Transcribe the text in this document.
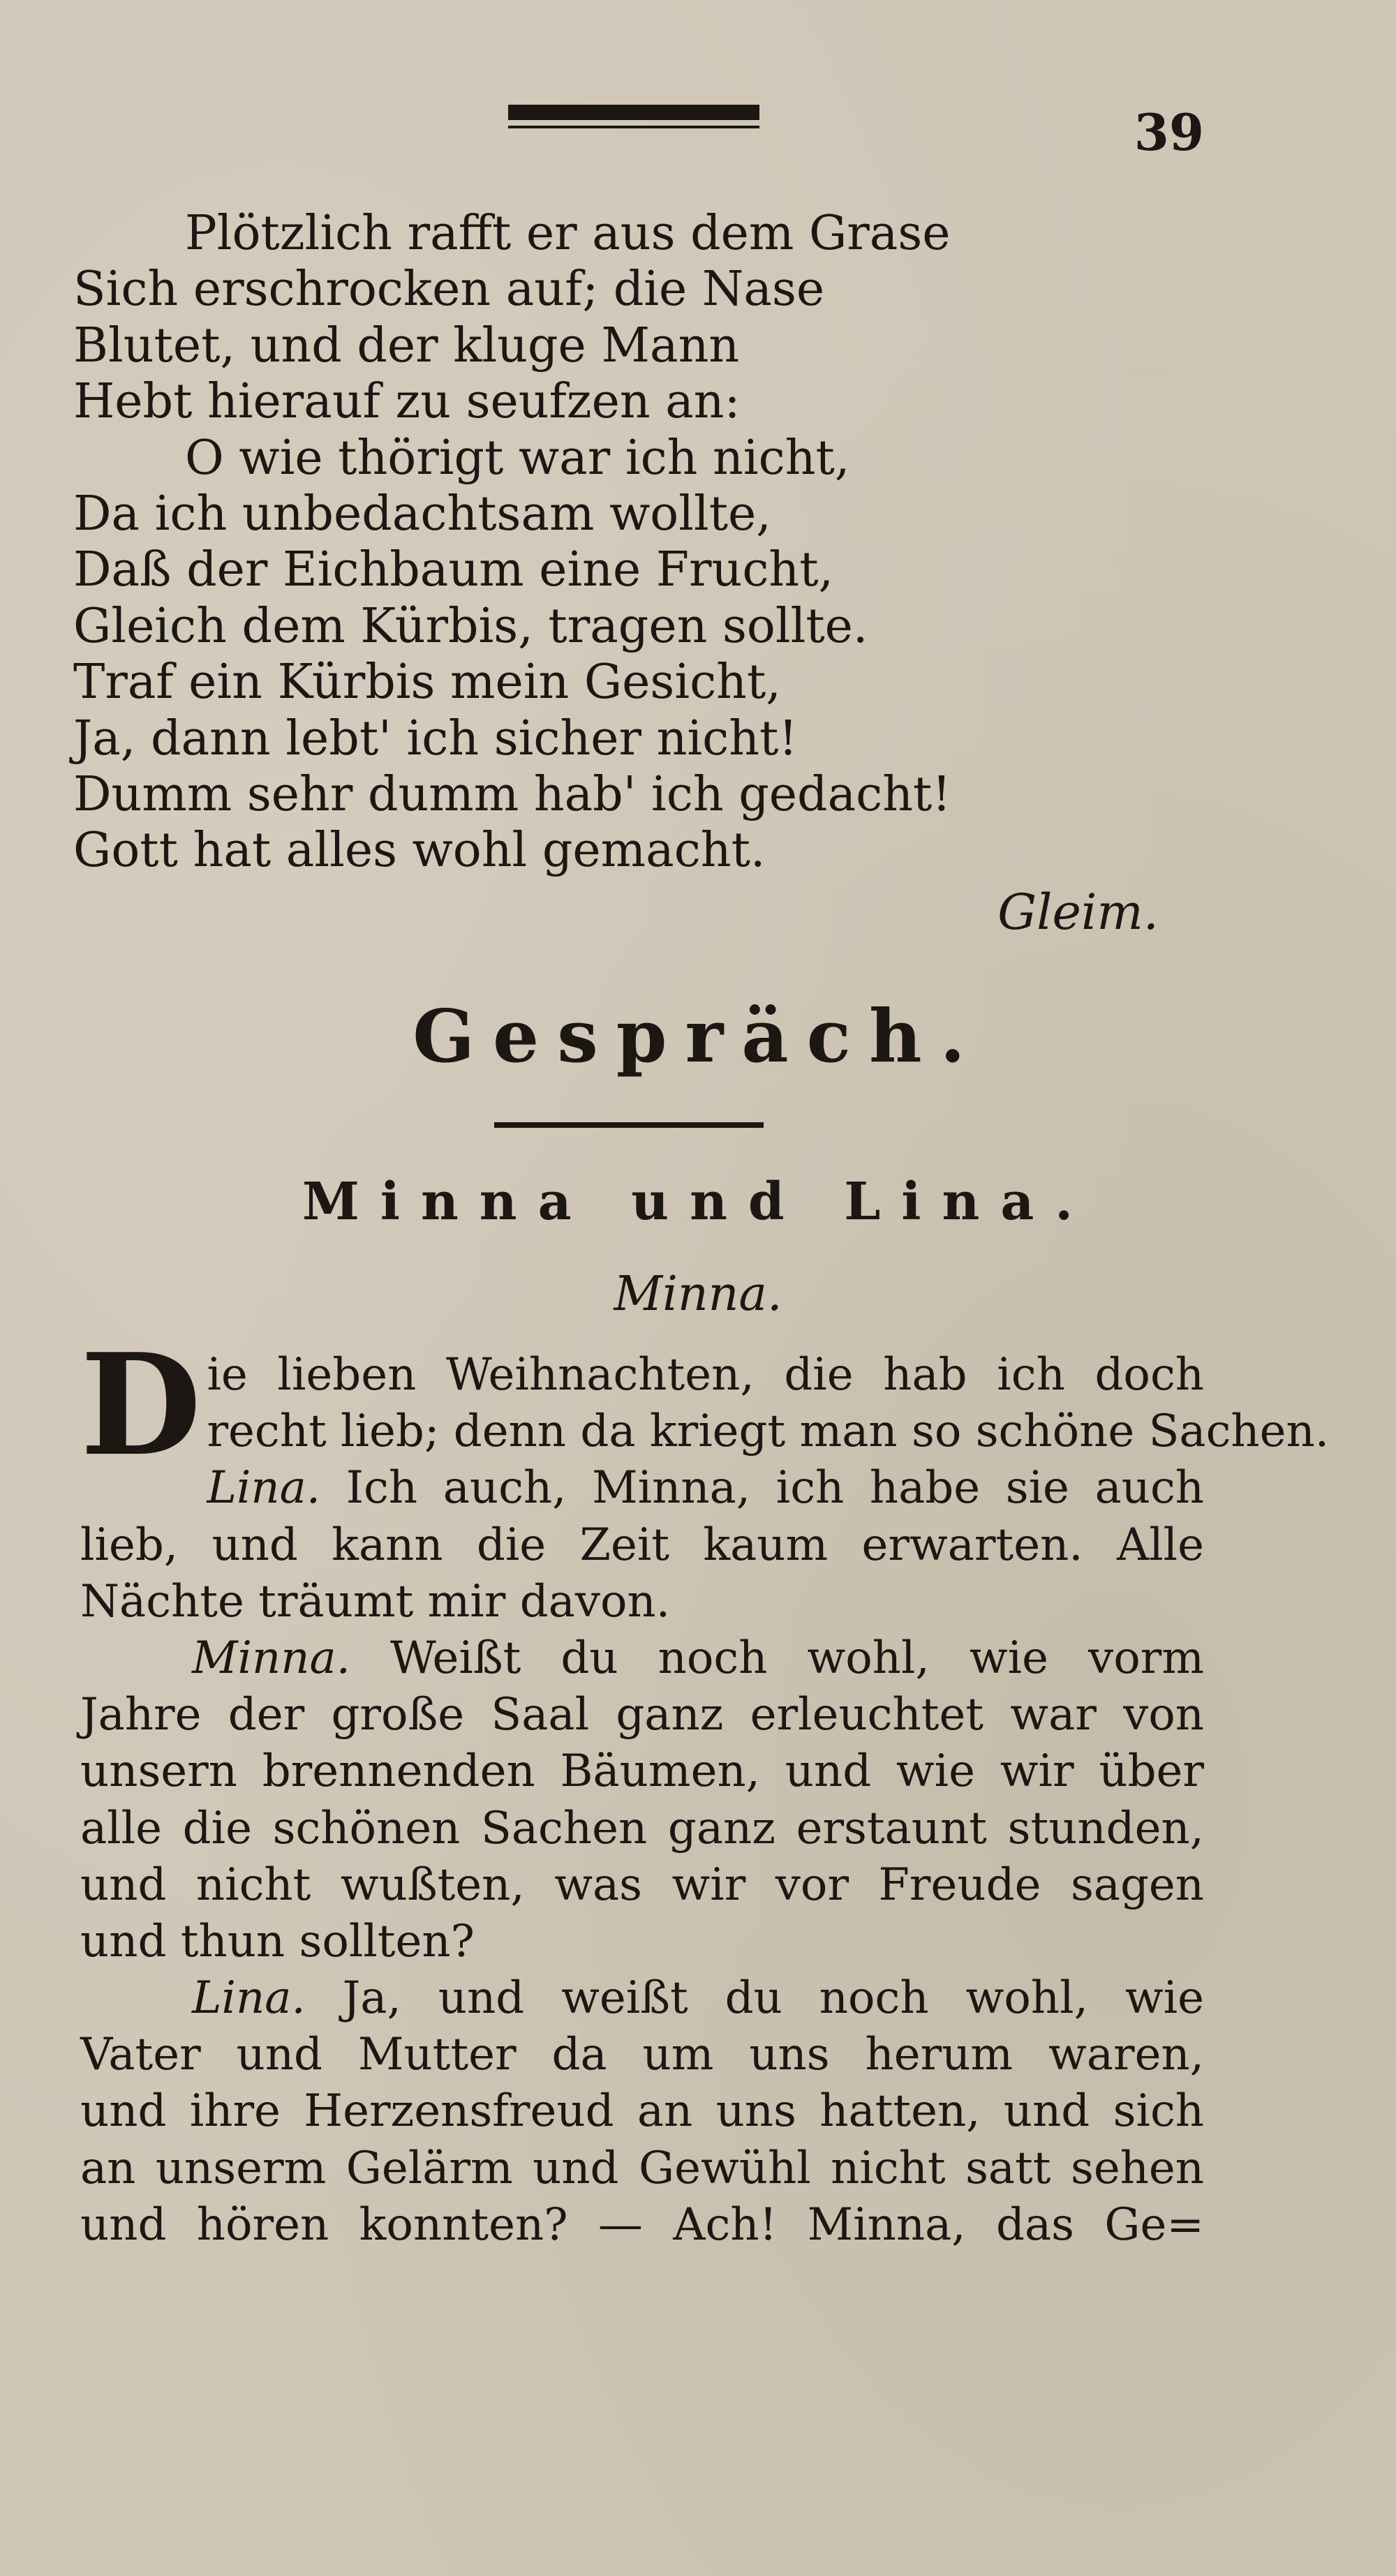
39
Plötzlich rafft er aus dem Grase
Sich erschrocken auf; die Nase
Blutet, und der kluge Mann
Hebt hierauf zu seufzen an:
O wie thörigt war ich nicht,
Da ich unbedachtsam wollte,
Daß der Eichbaum eine Frucht,
Gleich dem Kürbis, tragen sollte.
Traf ein Kürbis mein Gesicht,
Ja, dann lebt' ich sicher nicht!
Dumm sehr dumm hab' ich gedacht!
Gott hat alles wohl gemacht.
Gleim.
Gespräch.
Minna und Lina.
Minna.
D ie lieben Weihnachten, die hab ich doch
recht lieb; denn da kriegt man so schöne Sachen.
Lina. Ich auch, Minna, ich habe sie auch
lieb, und kann die Zeit kaum erwarten. Alle
Nächte träumt mir davon.
Minna. Weißt du noch wohl, wie vorm
Jahre der große Saal ganz erleuchtet war von
unsern brennenden Bäumen, und wie wir über
alle die schönen Sachen ganz erstaunt stunden,
und nicht wußten, was wir vor Freude sagen
und thun sollten?
Lina. Ja, und weißt du noch wohl, wie
Vater und Mutter da um uns herum waren,
und ihre Herzensfreud an uns hatten, und sich
an unserm Gelärm und Gewühl nicht satt sehen
und hören konnten? — Ach! Minna, das Ge=
